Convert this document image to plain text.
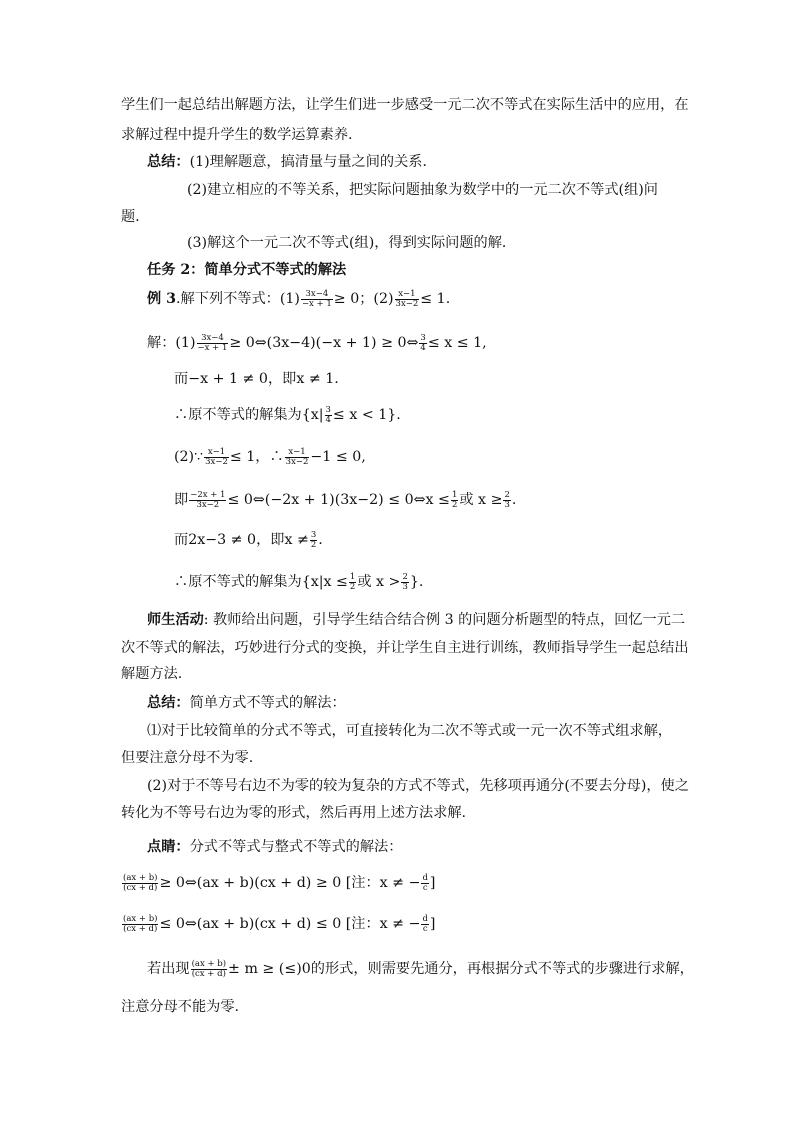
学生们一起总结出解题方法，让学生们进一步感受一元二次不等式在实际生活中的应用，在
求解过程中提升学生的数学运算素养.
总结：(1)理解题意，搞清量与量之间的关系．
(2)建立相应的不等关系，把实际问题抽象为数学中的一元二次不等式(组)问
题．
(3)解这个一元二次不等式(组)，得到实际问题的解．
任务 2：简单分式不等式的解法
例 3.解下列不等式：$(1) \frac{3x-4}{-x + 1} \ge 0$；$(2) \frac{x-1}{3x-2} \le 1$.
解：$(1) \frac{3x-4}{-x + 1}$ ≥ 0⇔(3x−4)(−x + 1) ≥ 0⇔ $\frac{3}{4} \le x \le 1$,
而−x + 1 ≠ 0，即x ≠ 1.
∴原不等式的解集为$\{x| \frac{3}{4} \le x < 1\}$.
(2)∵ $\frac{x-1}{3x-2} \le 1$，∴ $\frac{x-1}{3x-2} -1 \le 0$,
即 $\frac{-2x + 1}{3x-2}$ ≤ 0⇔(−2x + 1)(3x−2) ≤ 0⇔x ≤ $\frac{1}{2}$ 或 $x \ge \frac{2}{3}$ .
而2x−3 ≠ 0，即$x \ne \frac{3}{2}$ .
∴原不等式的解集为{$x|x \le \frac{1}{2}$ 或 $x > \frac{2}{3}$ }.
师生活动: 教师给出问题，引导学生结合结合例 3 的问题分析题型的特点，回忆一元二
次不等式的解法，巧妙进行分式的变换，并让学生自主进行训练，教师指导学生一起总结出
解题方法.
总结：简单方式不等式的解法：
⑴对于比较简单的分式不等式，可直接转化为二次不等式或一元一次不等式组求解，
但要注意分母不为零.
(2)对于不等号右边不为零的较为复杂的方式不等式，先移项再通分(不要去分母)，使之
转化为不等号右边为零的形式，然后再用上述方法求解.
点睛：分式不等式与整式不等式的解法：
$\frac{(ax + b)}{(cx + d)}$ ≥ 0⇔(ax + b)(cx + d) ≥ 0 [注：x ≠ − $\frac{d}{c}$ ]
$\frac{(ax + b)}{(cx + d)}$ ≤ 0⇔(ax + b)(cx + d) ≤ 0 [注：x ≠ − $\frac{d}{c}$ ]
若出现 $\frac{(ax + b)}{(cx + d)} \pm m \ge (\le)0$的形式，则需要先通分，再根据分式不等式的步骤进行求解，
注意分母不能为零.
